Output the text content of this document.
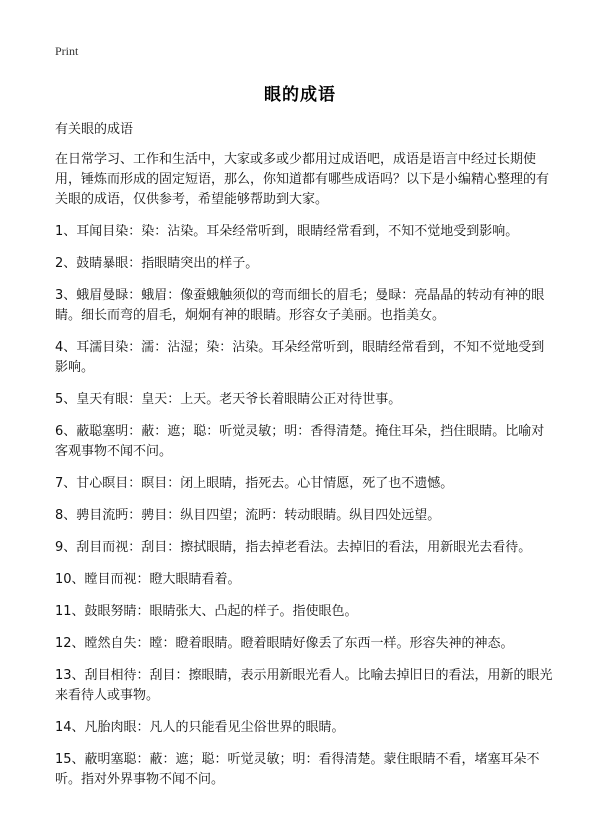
Print
眼的成语

有关眼的成语

在日常学习、工作和生活中，大家或多或少都用过成语吧，成语是语言中经过长期使用，锤炼而形成的固定短语，那么，你知道都有哪些成语吗？以下是小编精心整理的有关眼的成语，仅供参考，希望能够帮助到大家。

1、耳闻目染：染：沾染。耳朵经常听到，眼睛经常看到，不知不觉地受到影响。

2、鼓睛暴眼：指眼睛突出的样子。

3、蛾眉曼睩：蛾眉：像蚕蛾触须似的弯而细长的眉毛；曼睩：亮晶晶的转动有神的眼睛。细长而弯的眉毛，炯炯有神的眼睛。形容女子美丽。也指美女。

4、耳濡目染：濡：沾湿；染：沾染。耳朵经常听到，眼睛经常看到，不知不觉地受到影响。

5、皇天有眼：皇天：上天。老天爷长着眼睛公正对待世事。

6、蔽聪塞明：蔽：遮；聪：听觉灵敏；明：香得清楚。掩住耳朵，挡住眼睛。比喻对客观事物不闻不问。

7、甘心瞑目：瞑目：闭上眼睛，指死去。心甘情愿，死了也不遗憾。

8、骋目流眄：骋目：纵目四望；流眄：转动眼睛。纵目四处远望。

9、刮目而视：刮目：擦拭眼睛，指去掉老看法。去掉旧的看法，用新眼光去看待。

10、瞠目而视：瞪大眼睛看着。

11、鼓眼努睛：眼睛张大、凸起的样子。指使眼色。

12、瞠然自失：瞠：瞪着眼睛。瞪着眼睛好像丢了东西一样。形容失神的神态。

13、刮目相待：刮目：擦眼睛，表示用新眼光看人。比喻去掉旧日的看法，用新的眼光来看待人或事物。

14、凡胎肉眼：凡人的只能看见尘俗世界的眼睛。

15、蔽明塞聪：蔽：遮；聪：听觉灵敏；明：看得清楚。蒙住眼睛不看，堵塞耳朵不听。指对外界事物不闻不问。
